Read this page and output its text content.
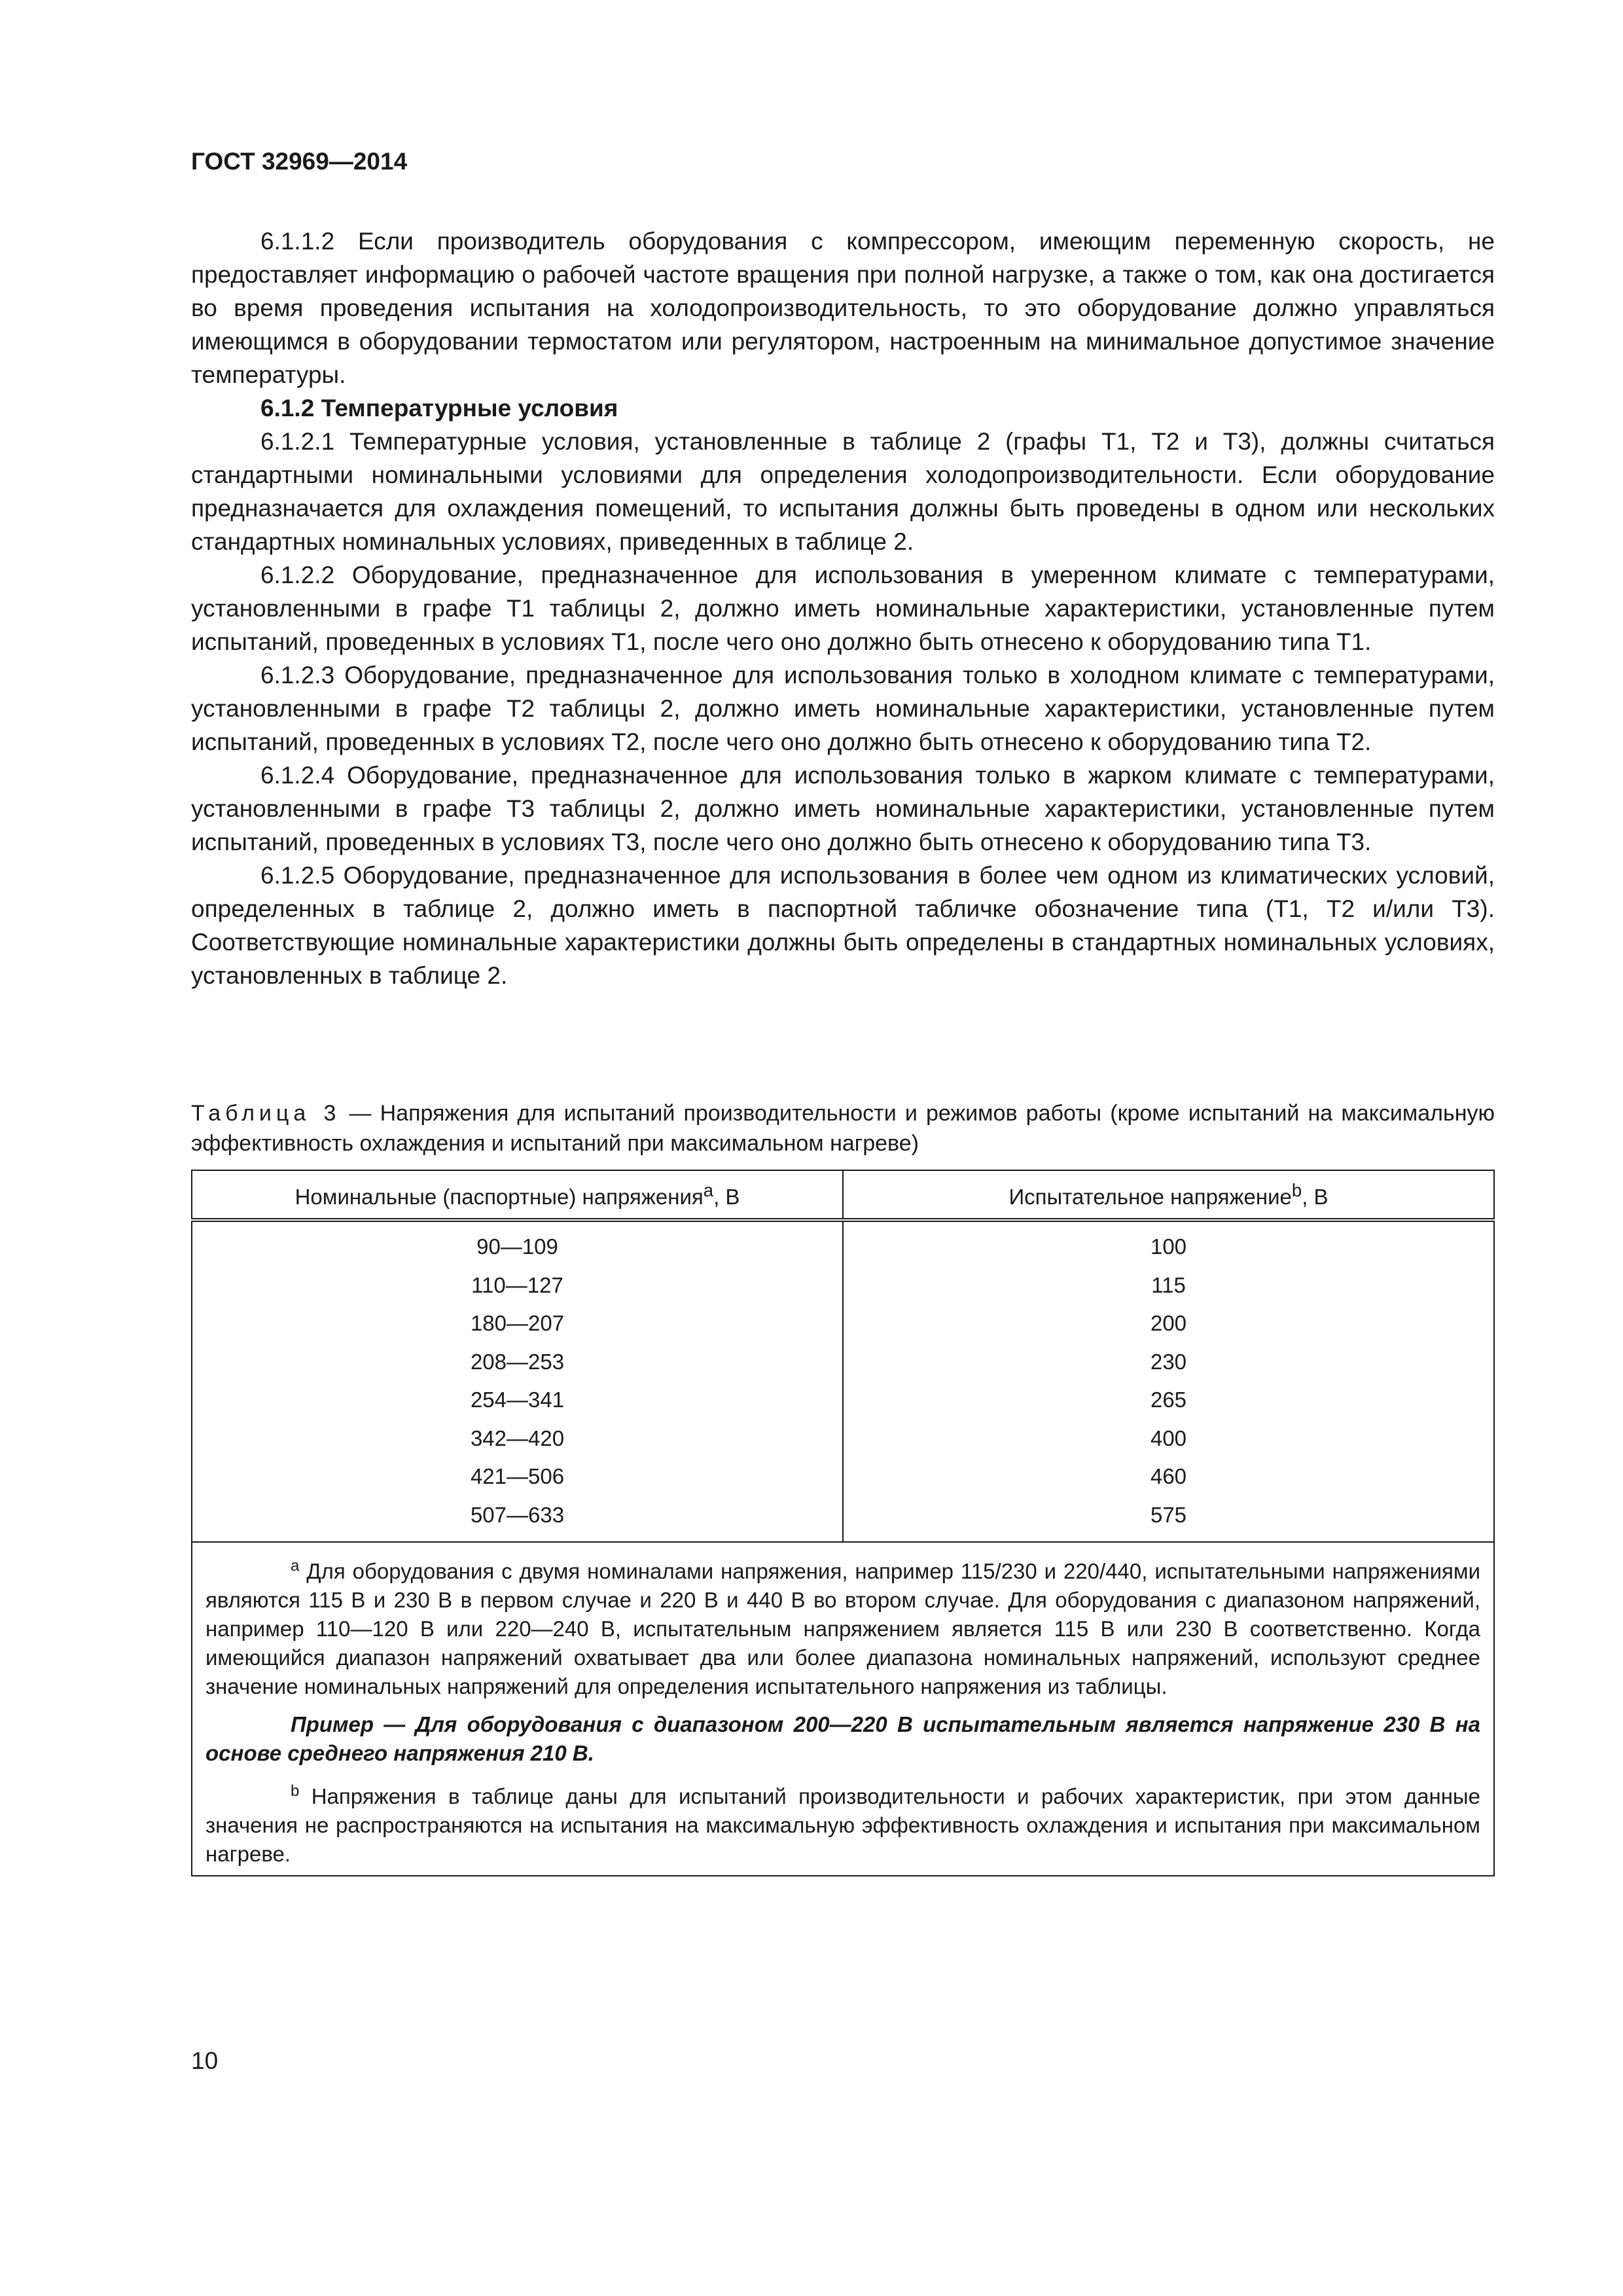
ГОСТ 32969—2014

6.1.1.2 Если производитель оборудования с компрессором, имеющим переменную скорость, не предоставляет информацию о рабочей частоте вращения при полной нагрузке, а также о том, как она достигается во время проведения испытания на холодопроизводительность, то это оборудование должно управляться имеющимся в оборудовании термостатом или регулятором, настроенным на минимальное допустимое значение температуры.

6.1.2 Температурные условия

6.1.2.1 Температурные условия, установленные в таблице 2 (графы Т1, Т2 и Т3), должны считаться стандартными номинальными условиями для определения холодопроизводительности. Если оборудование предназначается для охлаждения помещений, то испытания должны быть проведены в одном или нескольких стандартных номинальных условиях, приведенных в таблице 2.

6.1.2.2 Оборудование, предназначенное для использования в умеренном климате с температурами, установленными в графе Т1 таблицы 2, должно иметь номинальные характеристики, установленные путем испытаний, проведенных в условиях Т1, после чего оно должно быть отнесено к оборудованию типа Т1.

6.1.2.3 Оборудование, предназначенное для использования только в холодном климате с температурами, установленными в графе Т2 таблицы 2, должно иметь номинальные характеристики, установленные путем испытаний, проведенных в условиях Т2, после чего оно должно быть отнесено к оборудованию типа Т2.

6.1.2.4 Оборудование, предназначенное для использования только в жарком климате с температурами, установленными в графе Т3 таблицы 2, должно иметь номинальные характеристики, установленные путем испытаний, проведенных в условиях Т3, после чего оно должно быть отнесено к оборудованию типа Т3.

6.1.2.5 Оборудование, предназначенное для использования в более чем одном из климатических условий, определенных в таблице 2, должно иметь в паспортной табличке обозначение типа (Т1, Т2 и/или Т3). Соответствующие номинальные характеристики должны быть определены в стандартных номинальных условиях, установленных в таблице 2.

Таблица 3 — Напряжения для испытаний производительности и режимов работы (кроме испытаний на максимальную эффективность охлаждения и испытаний при максимальном нагреве)
Номинальные (паспортные) напряжения$^a$, В	Испытательное напряжение$^b$, В
90—109	100
110—127	115
180—207	200
208—253	230
254—341	265
342—420	400
421—506	460
507—633	575

$^a$ Для оборудования с двумя номиналами напряжения, например 115/230 и 220/440, испытательными напряжениями являются 115 В и 230 В в первом случае и 220 В и 440 В во втором случае. Для оборудования с диапазоном напряжений, например 110—120 В или 220—240 В, испытательным напряжением является 115 В или 230 В соответственно. Когда имеющийся диапазон напряжений охватывает два или более диапазона номинальных напряжений, используют среднее значение номинальных напряжений для определения испытательного напряжения из таблицы.

Пример — Для оборудования с диапазоном 200—220 В испытательным является напряжение 230 В на основе среднего напряжения 210 В.

$^b$ Напряжения в таблице даны для испытаний производительности и рабочих характеристик, при этом данные значения не распространяются на испытания на максимальную эффективность охлаждения и испытания при максимальном нагреве.	

10
